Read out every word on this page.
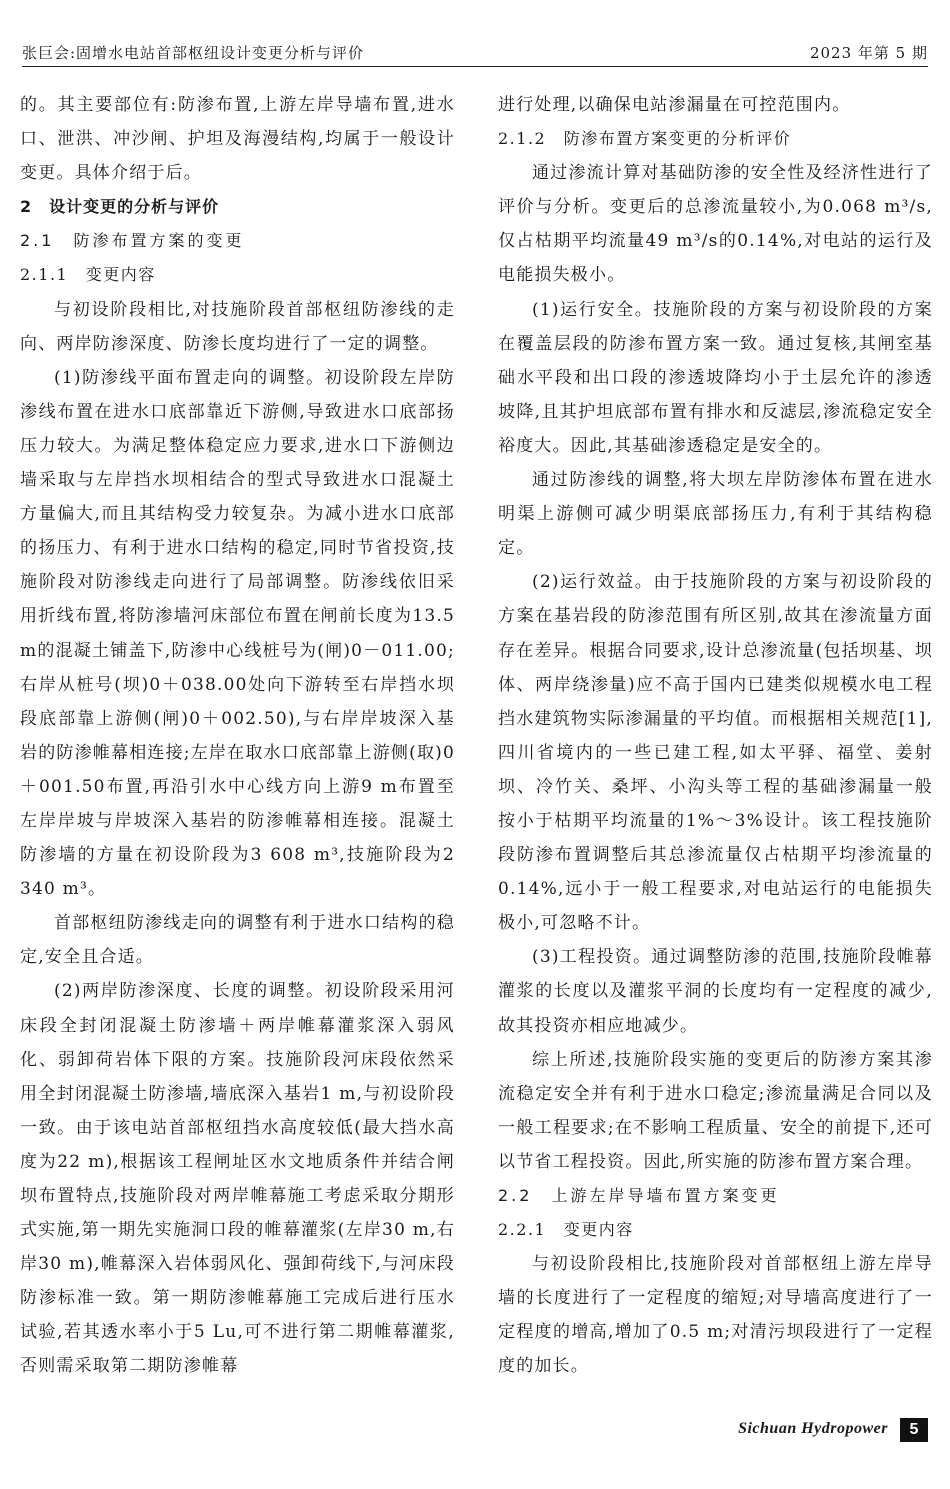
张巨会:固增水电站首部枢纽设计变更分析与评价	2023 年第 5 期

的。其主要部位有:防渗布置,上游左岸导墙布置,进水口、泄洪、冲沙闸、护坦及海漫结构,均属于一般设计变更。具体介绍于后。

2　设计变更的分析与评价

2.1　防渗布置方案的变更

2.1.1　变更内容

与初设阶段相比,对技施阶段首部枢纽防渗线的走向、两岸防渗深度、防渗长度均进行了一定的调整。

(1)防渗线平面布置走向的调整。初设阶段左岸防渗线布置在进水口底部靠近下游侧,导致进水口底部扬压力较大。为满足整体稳定应力要求,进水口下游侧边墙采取与左岸挡水坝相结合的型式导致进水口混凝土方量偏大,而且其结构受力较复杂。为减小进水口底部的扬压力、有利于进水口结构的稳定,同时节省投资,技施阶段对防渗线走向进行了局部调整。防渗线依旧采用折线布置,将防渗墙河床部位布置在闸前长度为13.5 m的混凝土铺盖下,防渗中心线桩号为(闸)0－011.00;右岸从桩号(坝)0＋038.00处向下游转至右岸挡水坝段底部靠上游侧(闸)0＋002.50),与右岸岸坡深入基岩的防渗帷幕相连接;左岸在取水口底部靠上游侧(取)0＋001.50布置,再沿引水中心线方向上游9 m布置至左岸岸坡与岸坡深入基岩的防渗帷幕相连接。混凝土防渗墙的方量在初设阶段为3 608 m³,技施阶段为2 340 m³。

首部枢纽防渗线走向的调整有利于进水口结构的稳定,安全且合适。

(2)两岸防渗深度、长度的调整。初设阶段采用河床段全封闭混凝土防渗墙＋两岸帷幕灌浆深入弱风化、弱卸荷岩体下限的方案。技施阶段河床段依然采用全封闭混凝土防渗墙,墙底深入基岩1 m,与初设阶段一致。由于该电站首部枢纽挡水高度较低(最大挡水高度为22 m),根据该工程闸址区水文地质条件并结合闸坝布置特点,技施阶段对两岸帷幕施工考虑采取分期形式实施,第一期先实施洞口段的帷幕灌浆(左岸30 m,右岸30 m),帷幕深入岩体弱风化、强卸荷线下,与河床段防渗标准一致。第一期防渗帷幕施工完成后进行压水试验,若其透水率小于5 Lu,可不进行第二期帷幕灌浆,否则需采取第二期防渗帷幕

进行处理,以确保电站渗漏量在可控范围内。

2.1.2　防渗布置方案变更的分析评价

通过渗流计算对基础防渗的安全性及经济性进行了评价与分析。变更后的总渗流量较小,为0.068 m³/s,仅占枯期平均流量49 m³/s的0.14%,对电站的运行及电能损失极小。

(1)运行安全。技施阶段的方案与初设阶段的方案在覆盖层段的防渗布置方案一致。通过复核,其闸室基础水平段和出口段的渗透坡降均小于土层允许的渗透坡降,且其护坦底部布置有排水和反滤层,渗流稳定安全裕度大。因此,其基础渗透稳定是安全的。

通过防渗线的调整,将大坝左岸防渗体布置在进水明渠上游侧可减少明渠底部扬压力,有利于其结构稳定。

(2)运行效益。由于技施阶段的方案与初设阶段的方案在基岩段的防渗范围有所区别,故其在渗流量方面存在差异。根据合同要求,设计总渗流量(包括坝基、坝体、两岸绕渗量)应不高于国内已建类似规模水电工程挡水建筑物实际渗漏量的平均值。而根据相关规范[1],四川省境内的一些已建工程,如太平驿、福堂、姜射坝、冷竹关、桑坪、小沟头等工程的基础渗漏量一般按小于枯期平均流量的1%～3%设计。该工程技施阶段防渗布置调整后其总渗流量仅占枯期平均渗流量的0.14%,远小于一般工程要求,对电站运行的电能损失极小,可忽略不计。

(3)工程投资。通过调整防渗的范围,技施阶段帷幕灌浆的长度以及灌浆平洞的长度均有一定程度的减少,故其投资亦相应地减少。

综上所述,技施阶段实施的变更后的防渗方案其渗流稳定安全并有利于进水口稳定;渗流量满足合同以及一般工程要求;在不影响工程质量、安全的前提下,还可以节省工程投资。因此,所实施的防渗布置方案合理。

2.2　上游左岸导墙布置方案变更

2.2.1　变更内容

与初设阶段相比,技施阶段对首部枢纽上游左岸导墙的长度进行了一定程度的缩短;对导墙高度进行了一定程度的增高,增加了0.5 m;对清污坝段进行了一定程度的加长。

Sichuan Hydropower	5
